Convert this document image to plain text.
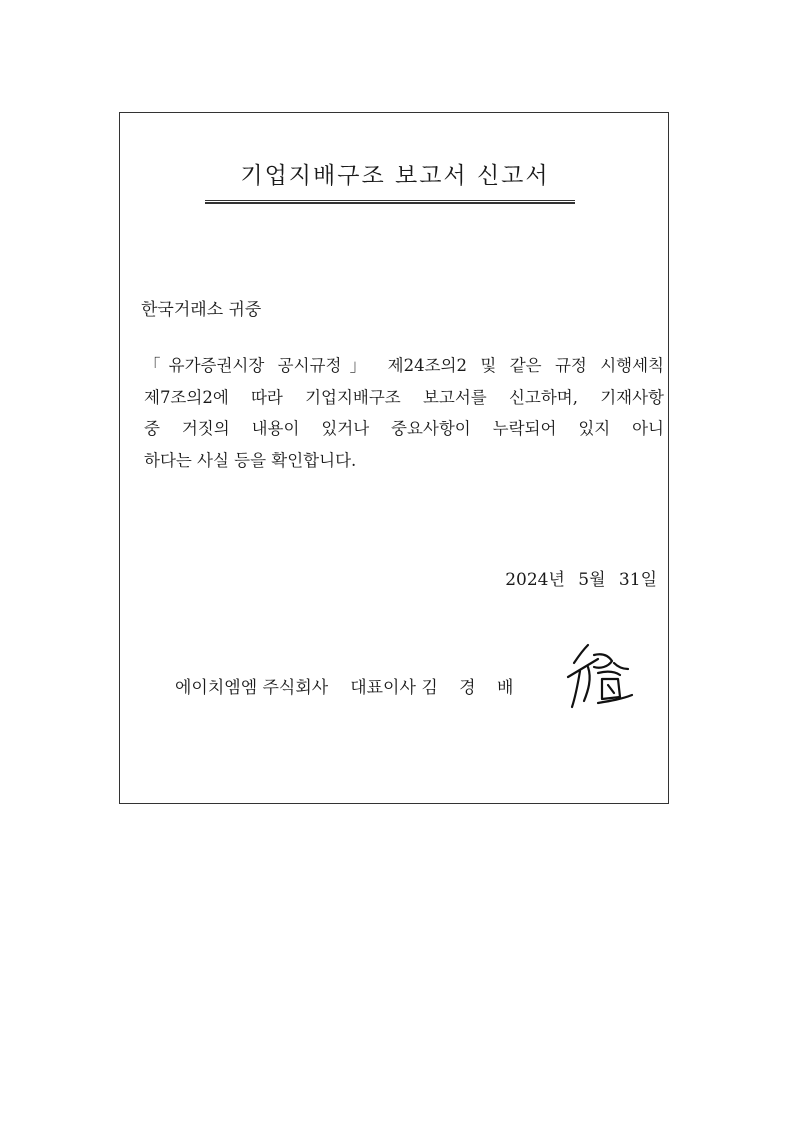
기업지배구조 보고서 신고서
한국거래소 귀중

「유가증권시장 공시규정」 제24조의2 및 같은 규정 시행세칙
제7조의2에 따라 기업지배구조 보고서를 신고하며, 기재사항
중 거짓의 내용이 있거나 중요사항이 누락되어 있지 아니
하다는 사실 등을 확인합니다.

2024년 5월 31일
에이치엠엠 주식회사 대표이사 김 경 배
